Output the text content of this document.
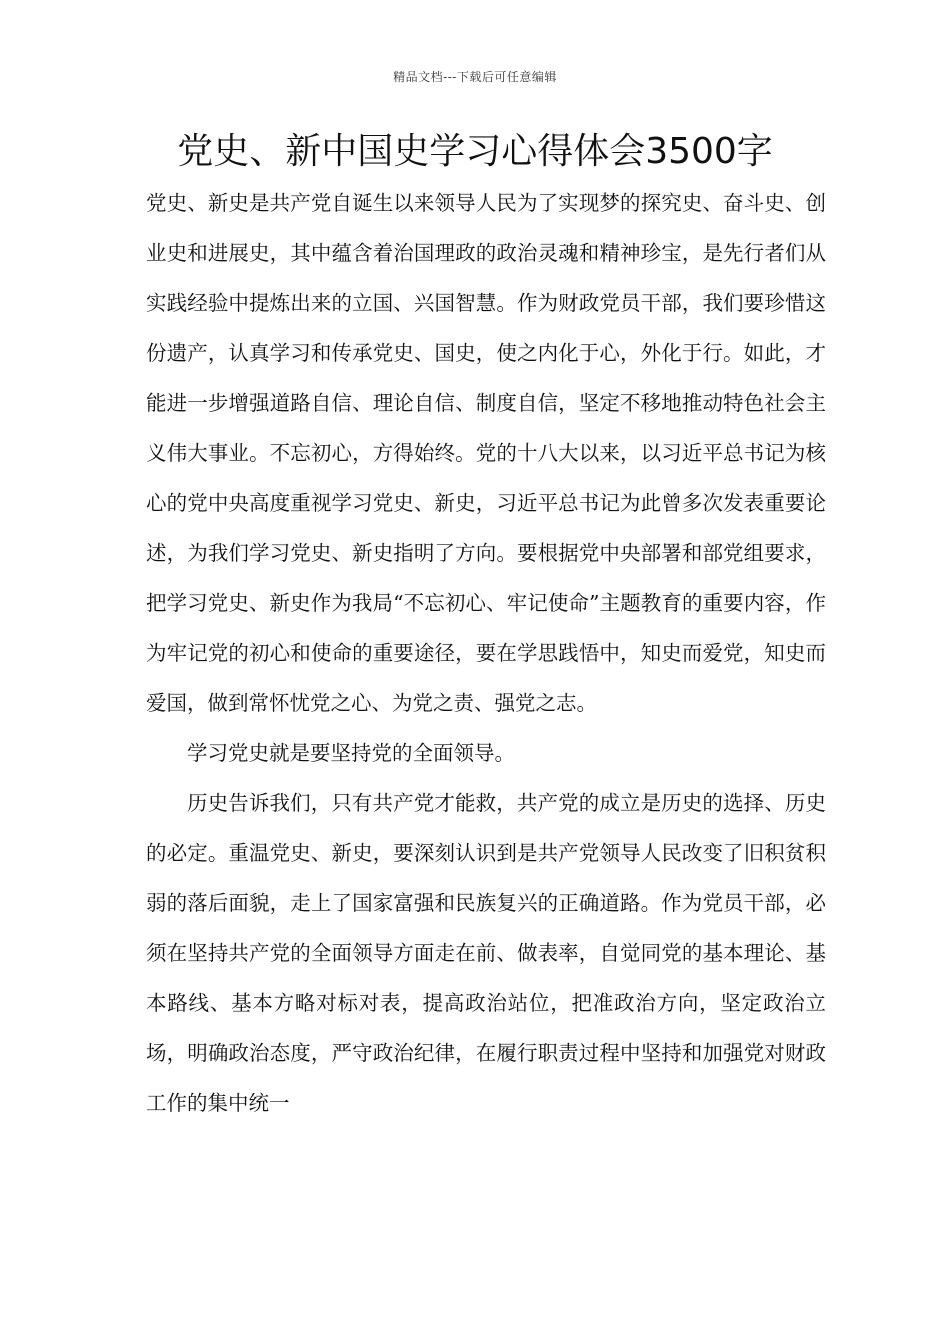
精品文档---下载后可任意编辑
党史、新中国史学习心得体会3500字

党史、新史是共产党自诞生以来领导人民为了实现梦的探究史、奋斗史、创业史和进展史，其中蕴含着治国理政的政治灵魂和精神珍宝，是先行者们从实践经验中提炼出来的立国、兴国智慧。作为财政党员干部，我们要珍惜这份遗产，认真学习和传承党史、国史，使之内化于心，外化于行。如此，才能进一步增强道路自信、理论自信、制度自信，坚定不移地推动特色社会主义伟大事业。不忘初心，方得始终。党的十八大以来，以习近平总书记为核心的党中央高度重视学习党史、新史，习近平总书记为此曾多次发表重要论述，为我们学习党史、新史指明了方向。要根据党中央部署和部党组要求，把学习党史、新史作为我局“不忘初心、牢记使命”主题教育的重要内容，作为牢记党的初心和使命的重要途径，要在学思践悟中，知史而爱党，知史而爱国，做到常怀忧党之心、为党之责、强党之志。

学习党史就是要坚持党的全面领导。

历史告诉我们，只有共产党才能救，共产党的成立是历史的选择、历史的必定。重温党史、新史，要深刻认识到是共产党领导人民改变了旧积贫积弱的落后面貌，走上了国家富强和民族复兴的正确道路。作为党员干部，必须在坚持共产党的全面领导方面走在前、做表率，自觉同党的基本理论、基本路线、基本方略对标对表，提高政治站位，把准政治方向，坚定政治立场，明确政治态度，严守政治纪律，在履行职责过程中坚持和加强党对财政工作的集中统一
